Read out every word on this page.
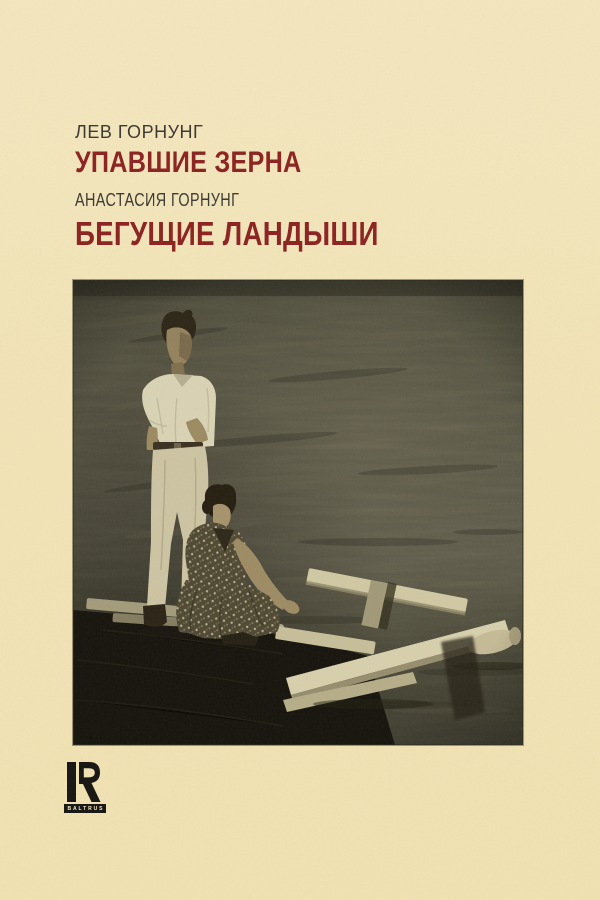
ЛЕВ ГОРНУНГ
УПАВШИЕ ЗЕРНА
АНАСТАСИЯ ГОРНУНГ
БЕГУЩИЕ ЛАНДЫШИ
BALTRUS
